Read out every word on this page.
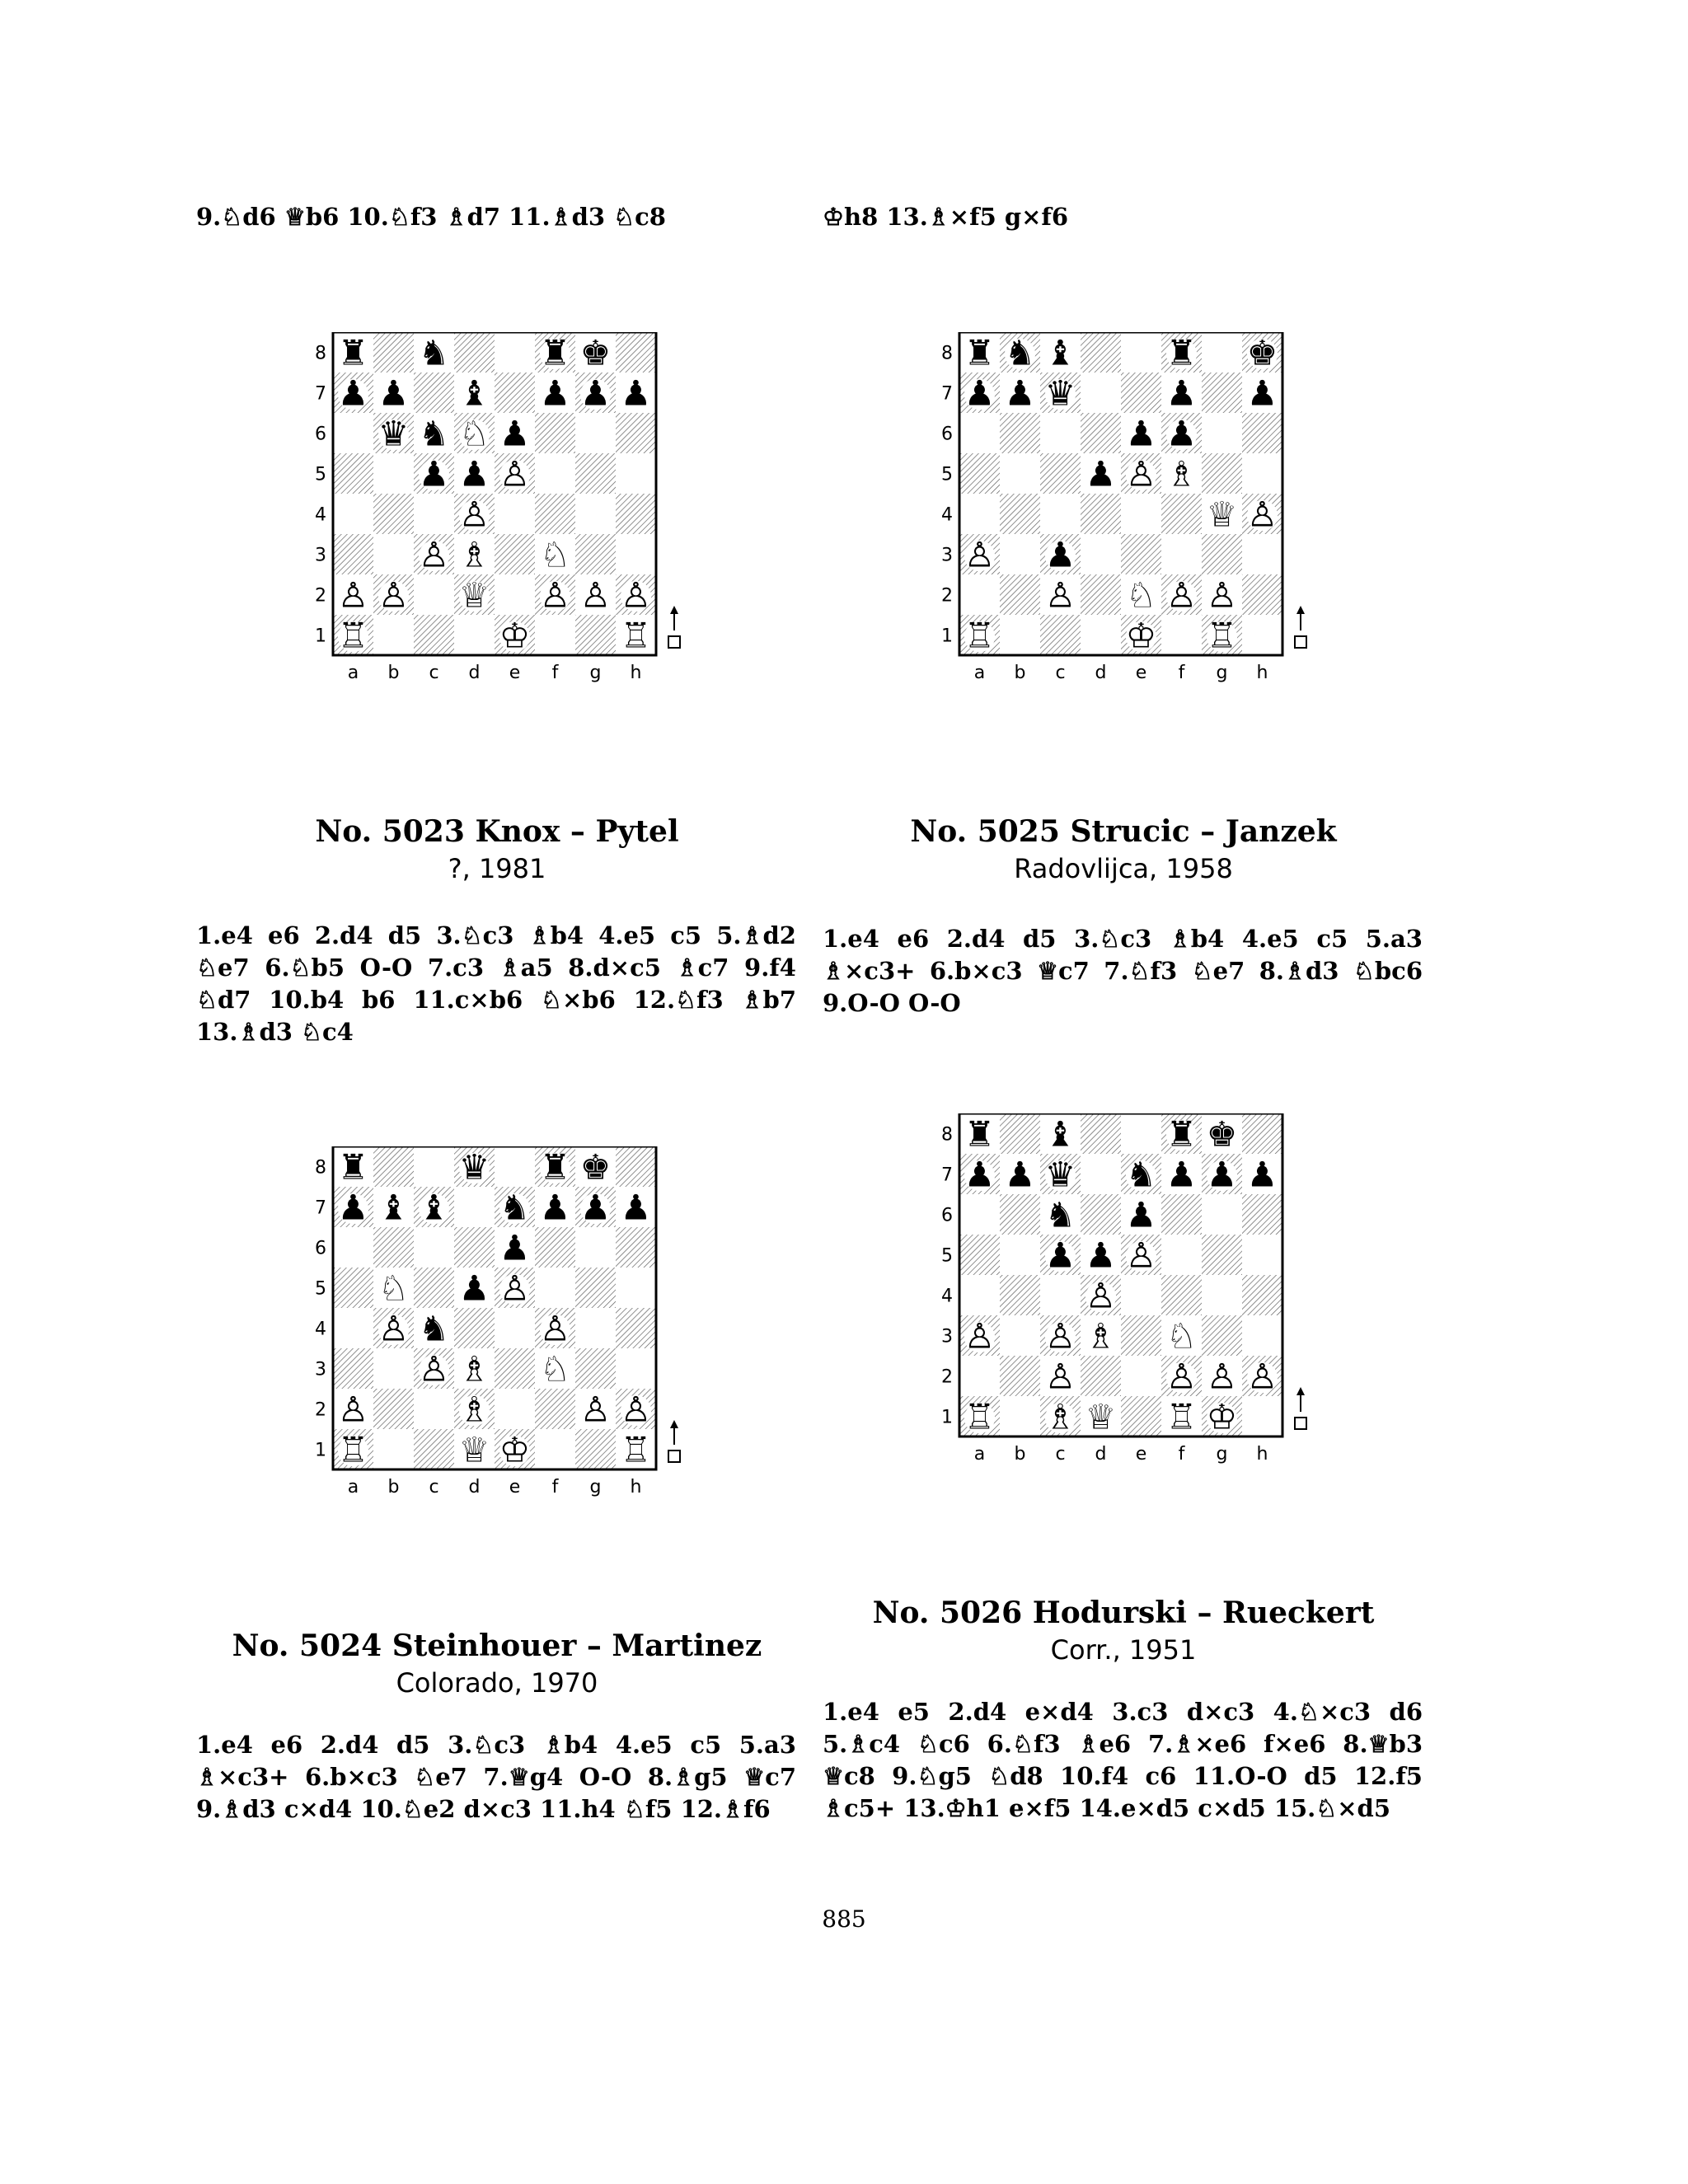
9.♘d6 ♕b6 10.♘f3 ♗d7 11.♗d3 ♘c8	♔h8 13.♗×f5 g×f6
♜ ♞	♜ ♚
♟ ♟ ♝ ♟ ♟ ♟
♛ ♞ ♘ ♟
♟ ♟ ♙
♙
♙ ♗ ♘
♙ ♙ ♕ ♙ ♙ ♙
♖	♔	♖
8
7
6
5
4
3
2
1
a b c d e f g h
♜ ♞ ♝	♜ ♚
♟ ♟ ♛	♟ ♟
♟ ♟
♟ ♙ ♗
♕ ♙
♙ ♟
♙ ♘ ♙ ♙
♖	♔ ♖
8
7
6
5
4
3
2
1
a b c d e f g h
♜	♛ ♜ ♚
♟ ♝ ♝ ♞ ♟ ♟ ♟
♟
♘ ♟ ♙
♙ ♞	♙
♙ ♗ ♘
♙	♗	♙ ♙
♖	♕ ♔	♖
8
7
6
5
4
3
2
1
a b c d e f g h
♜ ♝	♜ ♚
♟ ♟ ♛ ♞ ♟ ♟ ♟
♞ ♟
♟ ♟ ♙
♙
♙ ♙ ♗ ♘
♙	♙ ♙ ♙
♖ ♗ ♕ ♖ ♔
8
7
6
5
4
3
2
1
a b c d e f g h
No. 5023 Knox – Pytel
?, 1981
1.e4 e6 2.d4 d5 3.♘c3 ♗b4 4.e5 c5 5.♗d2 ♘e7 6.♘b5 O-O 7.c3 ♗a5 8.d×c5 ♗c7 9.f4 ♘d7 10.b4 b6 11.c×b6 ♘×b6 12.♘f3 ♗b7 13.♗d3 ♘c4
No. 5025 Strucic – Janzek
Radovlijca, 1958
1.e4 e6 2.d4 d5 3.♘c3 ♗b4 4.e5 c5 5.a3 ♗×c3+ 6.b×c3 ♕c7 7.♘f3 ♘e7 8.♗d3 ♘bc6 9.O-O O-O
No. 5024 Steinhouer – Martinez
Colorado, 1970
1.e4 e6 2.d4 d5 3.♘c3 ♗b4 4.e5 c5 5.a3 ♗×c3+ 6.b×c3 ♘e7 7.♕g4 O-O 8.♗g5 ♕c7 9.♗d3 c×d4 10.♘e2 d×c3 11.h4 ♘f5 12.♗f6
No. 5026 Hodurski – Rueckert
Corr., 1951
1.e4 e5 2.d4 e×d4 3.c3 d×c3 4.♘×c3 d6 5.♗c4 ♘c6 6.♘f3 ♗e6 7.♗×e6 f×e6 8.♕b3 ♕c8 9.♘g5 ♘d8 10.f4 c6 11.O-O d5 12.f5 ♗c5+ 13.♔h1 e×f5 14.e×d5 c×d5 15.♘×d5
885
